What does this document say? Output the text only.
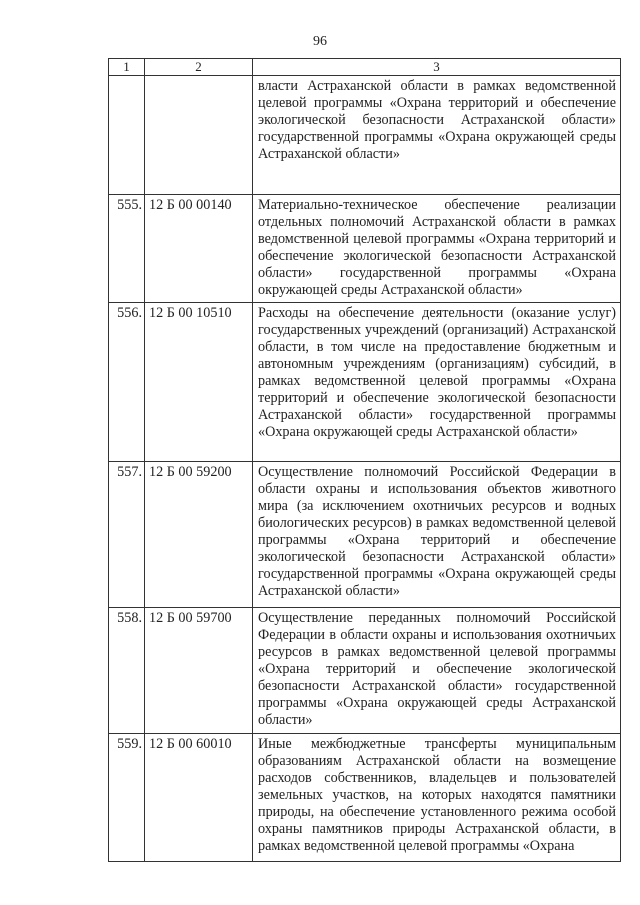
96
1	2	3
		власти Астраханской области в рамках ведомственной целевой программы «Охрана территорий и обеспечение экологической безопасности Астраханской области» государственной программы «Охрана окружающей среды Астраханской области»
555.	12 Б 00 00140	Материально-техническое обеспечение реализации отдельных полномочий Астраханской области в рамках ведомственной целевой программы «Охрана территорий и обеспечение экологической безопасности Астраханской области» государственной программы «Охрана окружающей среды Астраханской области»
556.	12 Б 00 10510	Расходы на обеспечение деятельности (оказание услуг) государственных учреждений (организаций) Астраханской области, в том числе на предоставление бюджетным и автономным учреждениям (организациям) субсидий, в рамках ведомственной целевой программы «Охрана территорий и обеспечение экологической безопасности Астраханской области» государственной программы «Охрана окружающей среды Астраханской области»
557.	12 Б 00 59200	Осуществление полномочий Российской Федерации в области охраны и использования объектов животного мира (за исключением охотничьих ресурсов и водных биологических ресурсов) в рамках ведомственной целевой программы «Охрана территорий и обеспечение экологической безопасности Астраханской области» государственной программы «Охрана окружающей среды Астраханской области»
558.	12 Б 00 59700	Осуществление переданных полномочий Российской Федерации в области охраны и использования охотничьих ресурсов в рамках ведомственной целевой программы «Охрана территорий и обеспечение экологической безопасности Астраханской области» государственной программы «Охрана окружающей среды Астраханской области»
559.	12 Б 00 60010	Иные межбюджетные трансферты муниципальным образованиям Астраханской области на возмещение расходов собственников, владельцев и пользователей земельных участков, на которых находятся памятники природы, на обеспечение установленного режима особой охраны памятников природы Астраханской области, в рамках ведомственной целевой программы «Охрана
